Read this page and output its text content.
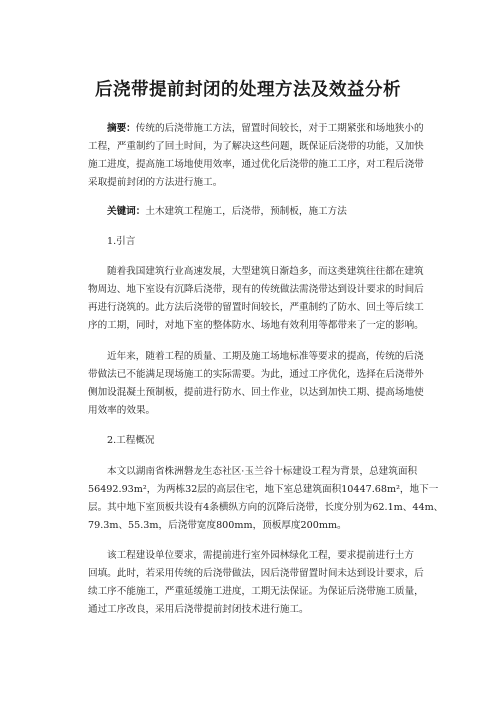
后浇带提前封闭的处理方法及效益分析
摘要：传统的后浇带施工方法，留置时间较长，对于工期紧张和场地狭小的
工程，严重制约了回土时间，为了解决这些问题，既保证后浇带的功能，又加快
施工进度，提高施工场地使用效率，通过优化后浇带的施工工序，对工程后浇带
采取提前封闭的方法进行施工。
关键词：土木建筑工程施工，后浇带，预制板，施工方法
1.引言
随着我国建筑行业高速发展，大型建筑日渐趋多，而这类建筑往往都在建筑
物周边、地下室设有沉降后浇带，现有的传统做法需浇带达到设计要求的时间后
再进行浇筑的。此方法后浇带的留置时间较长，严重制约了防水、回土等后续工
序的工期，同时，对地下室的整体防水、场地有效利用等都带来了一定的影响。
近年来，随着工程的质量、工期及施工场地标准等要求的提高，传统的后浇
带做法已不能满足现场施工的实际需要。为此，通过工序优化，选择在后浇带外
侧加设混凝土预制板，提前进行防水、回土作业，以达到加快工期、提高场地使
用效率的效果。
2.工程概况
本文以湖南省株洲磐龙生态社区·玉兰谷十标建设工程为背景，总建筑面积
56492.93m²，为两栋32层的高层住宅，地下室总建筑面积10447.68m²，地下一
层。其中地下室顶板共设有4条横纵方向的沉降后浇带，长度分别为62.1m、44m、
79.3m、55.3m，后浇带宽度800mm，顶板厚度200mm。
该工程建设单位要求，需提前进行室外园林绿化工程，要求提前进行土方
回填。此时，若采用传统的后浇带做法，因后浇带留置时间未达到设计要求，后
续工序不能施工，严重延缓施工进度，工期无法保证。为保证后浇带施工质量，
通过工序改良，采用后浇带提前封闭技术进行施工。
